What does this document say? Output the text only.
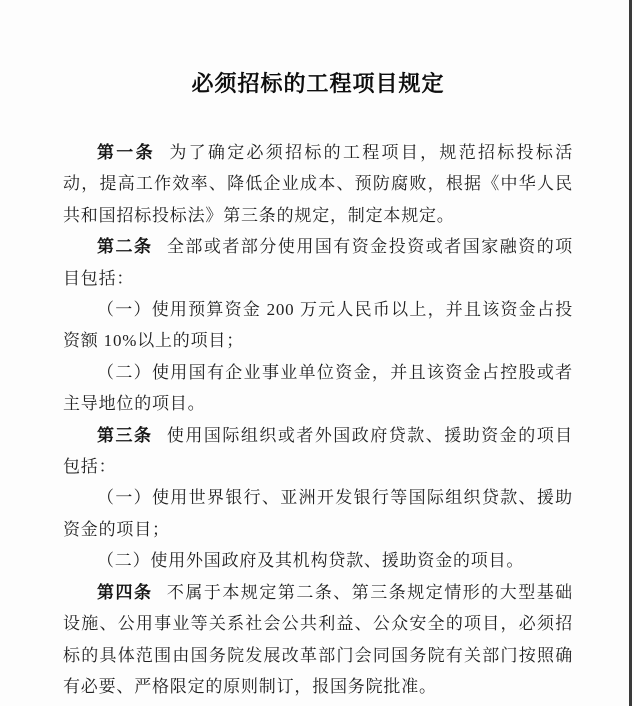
必须招标的工程项目规定

第一条 为了确定必须招标的工程项目，规范招标投标活动，提高工作效率、降低企业成本、预防腐败，根据《中华人民共和国招标投标法》第三条的规定，制定本规定。

第二条 全部或者部分使用国有资金投资或者国家融资的项目包括：

（一）使用预算资金 200 万元人民币以上，并且该资金占投资额 10%以上的项目；

（二）使用国有企业事业单位资金，并且该资金占控股或者主导地位的项目。

第三条 使用国际组织或者外国政府贷款、援助资金的项目包括：

（一）使用世界银行、亚洲开发银行等国际组织贷款、援助资金的项目；

（二）使用外国政府及其机构贷款、援助资金的项目。

第四条 不属于本规定第二条、第三条规定情形的大型基础设施、公用事业等关系社会公共利益、公众安全的项目，必须招标的具体范围由国务院发展改革部门会同国务院有关部门按照确有必要、严格限定的原则制订，报国务院批准。
